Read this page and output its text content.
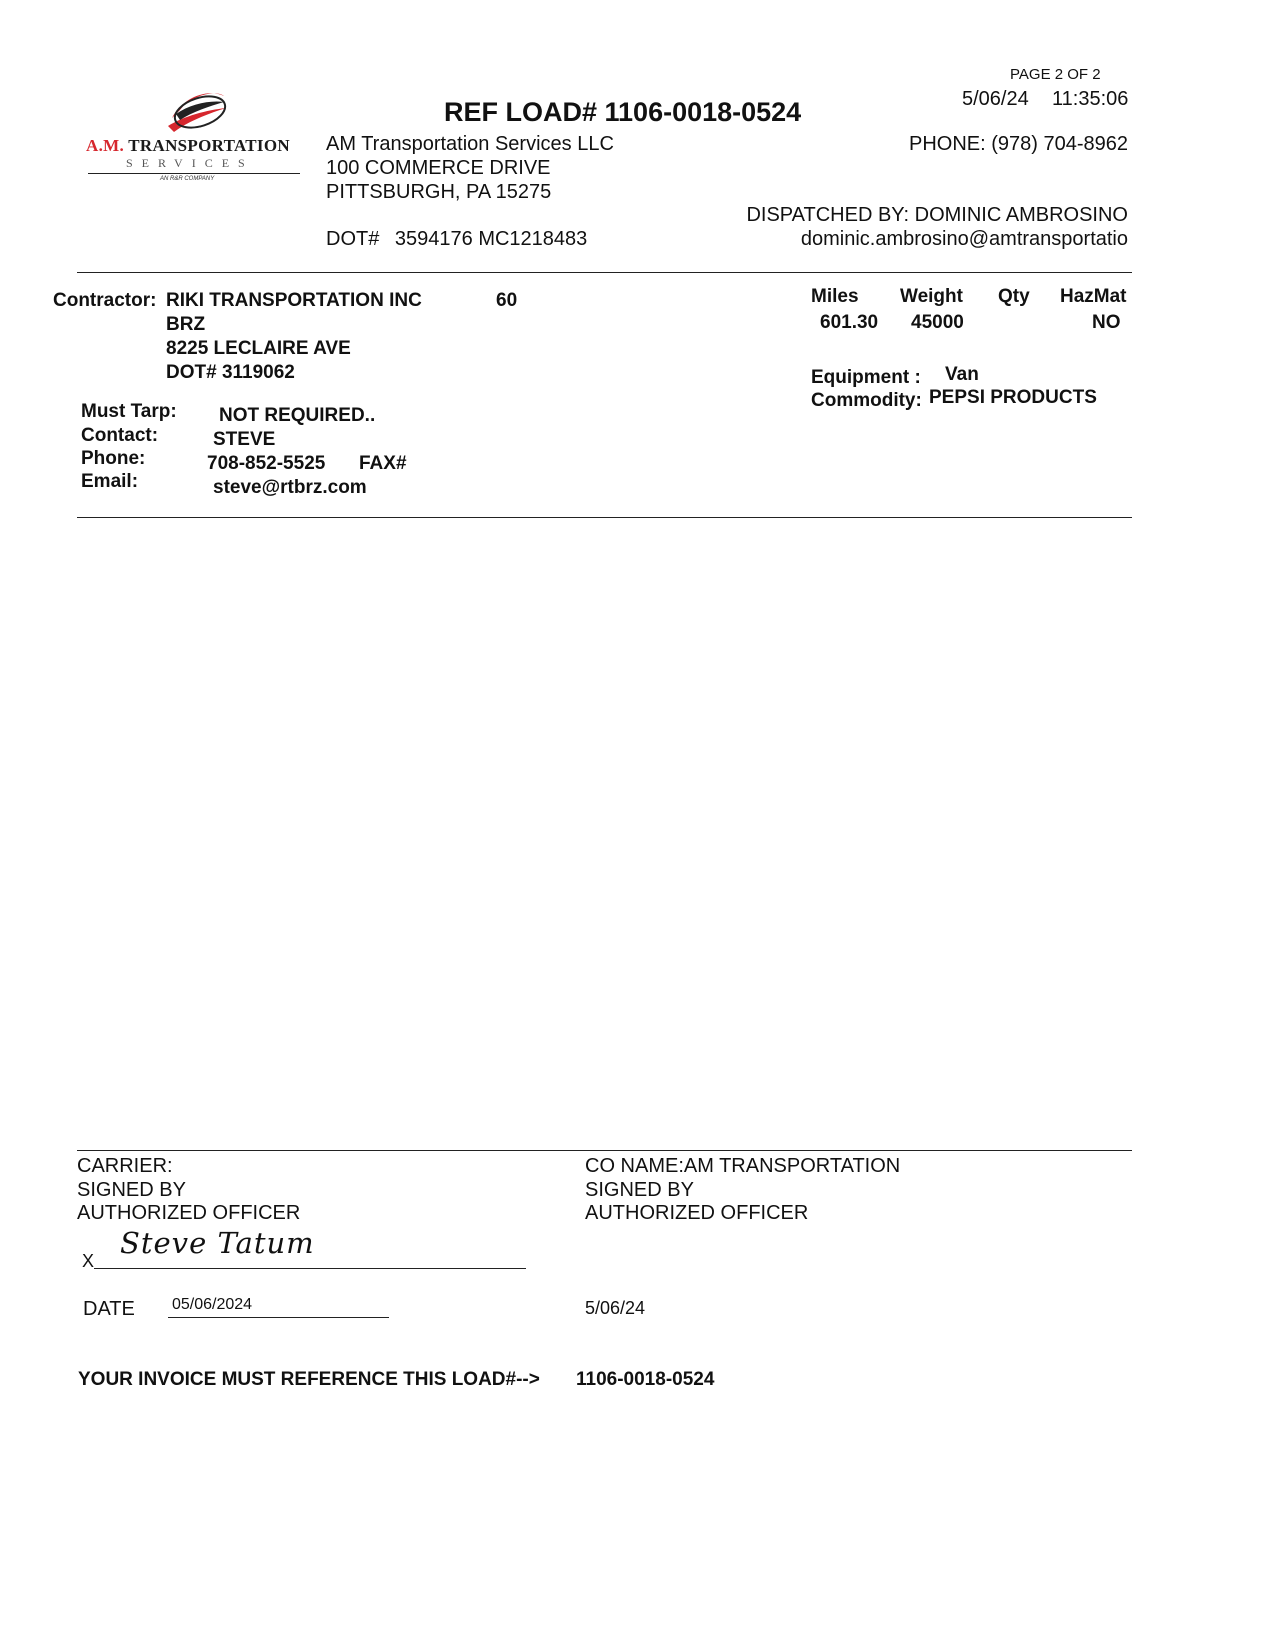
A.M. TRANSPORTATION
SERVICES
AN R&R COMPANY
PAGE 2 OF 2
5/06/24 11:35:06
REF LOAD# 1106-0018-0524
AM Transportation Services LLC
100 COMMERCE DRIVE
PITTSBURGH, PA 15275
DOT# 3594176 MC1218483
PHONE: (978) 704-8962
DISPATCHED BY: DOMINIC AMBROSINO
dominic.ambrosino@amtransportatio
Contractor: RIKI TRANSPORTATION INC	60
BRZ
8225 LECLAIRE AVE
DOT# 3119062
Must Tarp: NOT REQUIRED..
Contact:	STEVE
Phone:	708-852-5525 FAX#
Email:	steve@rtbrz.com
Miles Weight Qty HazMat
601.30 45000	NO
Equipment : Van
Commodity: PEPSI PRODUCTS
CARRIER:
SIGNED BY
AUTHORIZED OFFICER
X
Steve Tatum
DATE 05/06/2024
CO NAME:AM TRANSPORTATION
SIGNED BY
AUTHORIZED OFFICER
5/06/24
YOUR INVOICE MUST REFERENCE THIS LOAD#--> 1106-0018-0524
